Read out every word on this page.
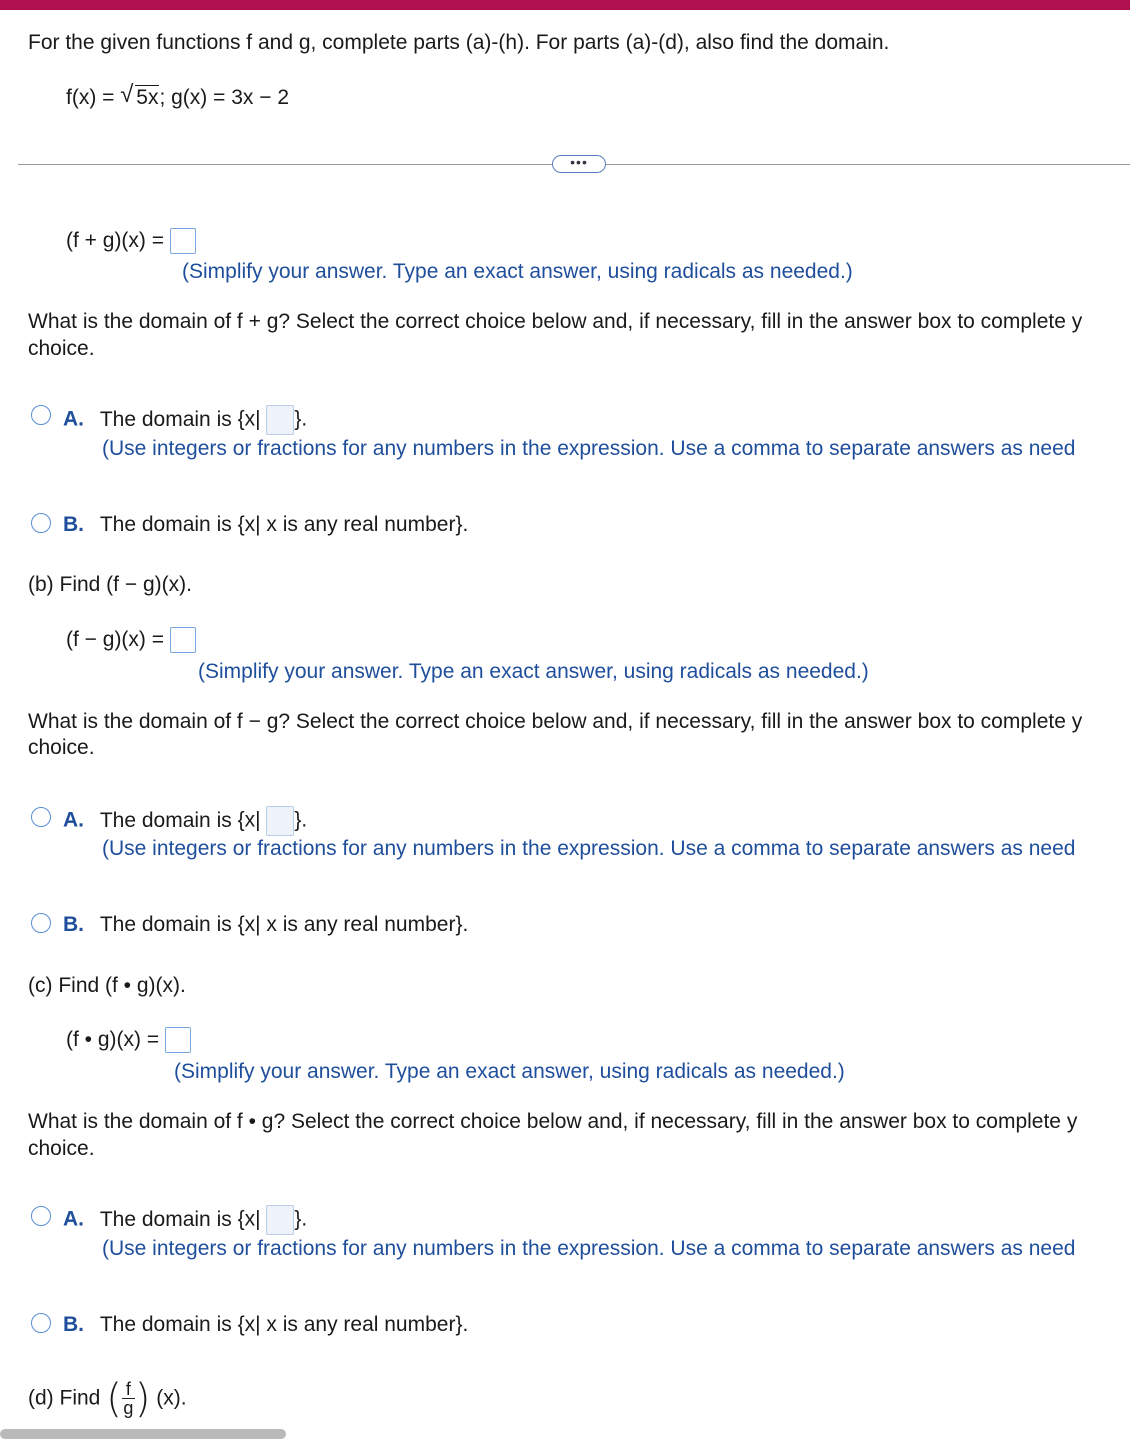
For the given functions f and g, complete parts (a)-(h). For parts (a)-(d), also find the domain.
f(x) = √ 5x; g(x) = 3x − 2
•••
(f + g)(x) =
(Simplify your answer. Type an exact answer, using radicals as needed.)
What is the domain of f + g? Select the correct choice below and, if necessary, fill in the answer box to complete y
choice.
A. The domain is {x| }.
(Use integers or fractions for any numbers in the expression. Use a comma to separate answers as need
B. The domain is {x| x is any real number}.
(b) Find (f − g)(x).
(f − g)(x) =
(Simplify your answer. Type an exact answer, using radicals as needed.)
What is the domain of f − g? Select the correct choice below and, if necessary, fill in the answer box to complete y
choice.
A. The domain is {x| }.
(Use integers or fractions for any numbers in the expression. Use a comma to separate answers as need
B. The domain is {x| x is any real number}.
(c) Find (f • g)(x).
(f • g)(x) =
(Simplify your answer. Type an exact answer, using radicals as needed.)
What is the domain of f • g? Select the correct choice below and, if necessary, fill in the answer box to complete y
choice.
A. The domain is {x| }.
(Use integers or fractions for any numbers in the expression. Use a comma to separate answers as need
B. The domain is {x| x is any real number}.
(d) Find ( $\frac{f}{g}$ ) (x).
